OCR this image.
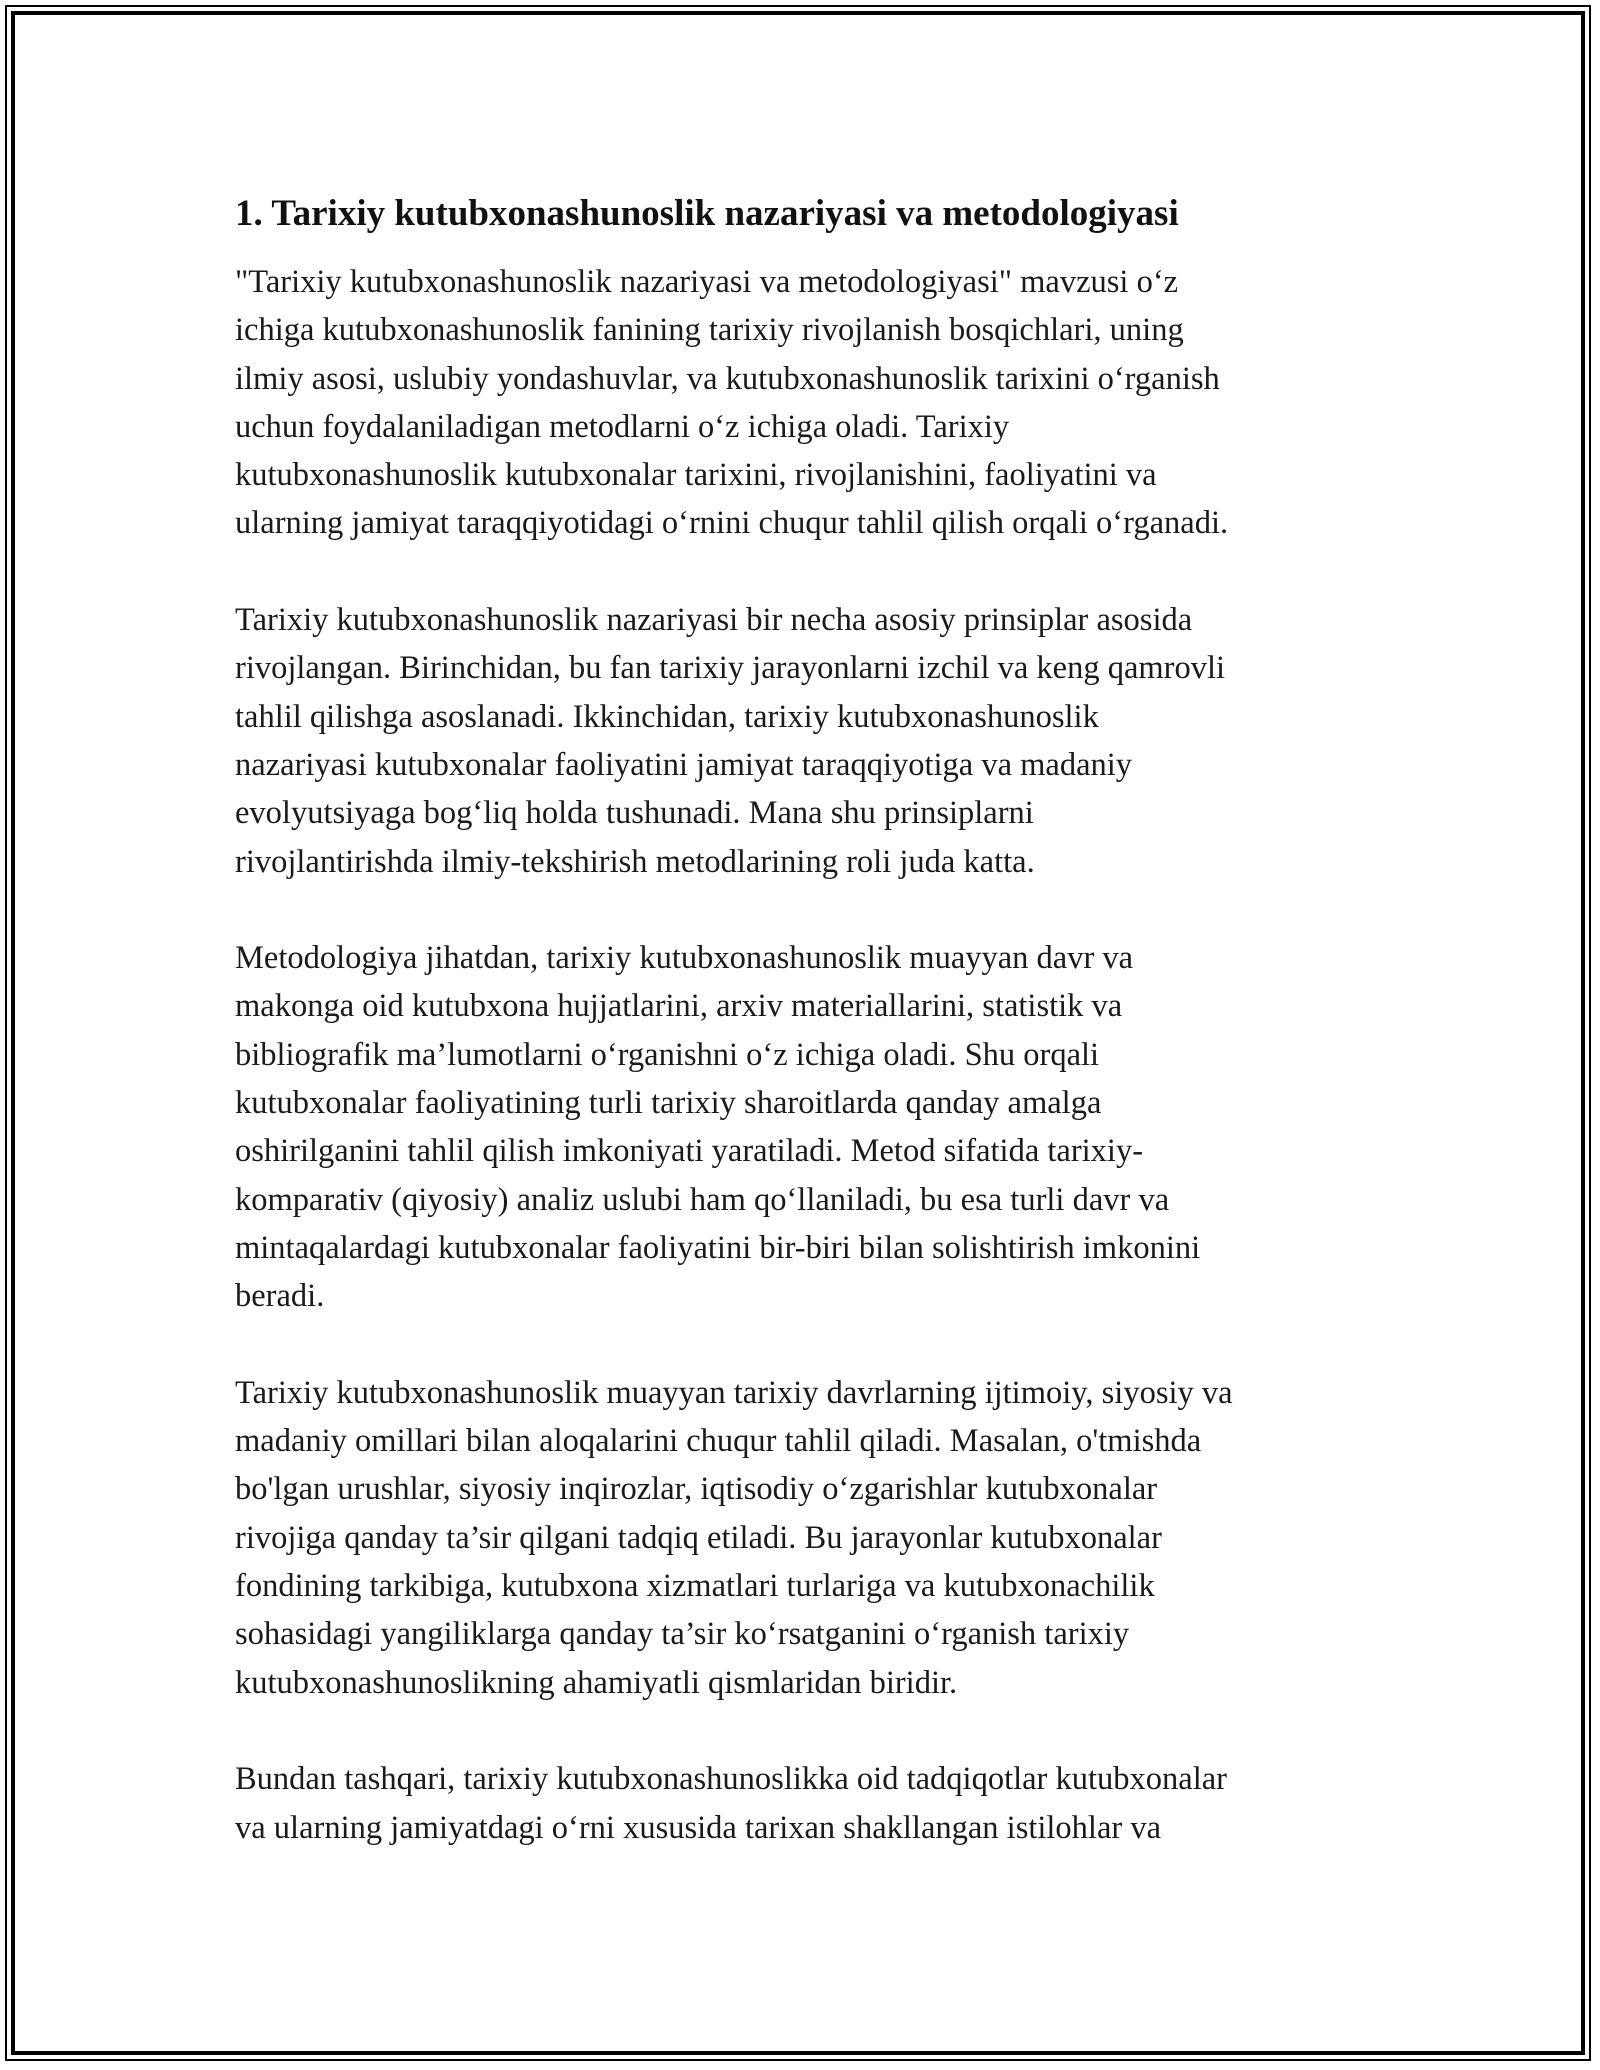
1. Tarixiy kutubxonashunoslik nazariyasi va metodologiyasi

"Tarixiy kutubxonashunoslik nazariyasi va metodologiyasi" mavzusi o‘z
ichiga kutubxonashunoslik fanining tarixiy rivojlanish bosqichlari, uning
ilmiy asosi, uslubiy yondashuvlar, va kutubxonashunoslik tarixini o‘rganish
uchun foydalaniladigan metodlarni o‘z ichiga oladi. Tarixiy
kutubxonashunoslik kutubxonalar tarixini, rivojlanishini, faoliyatini va
ularning jamiyat taraqqiyotidagi o‘rnini chuqur tahlil qilish orqali o‘rganadi.

Tarixiy kutubxonashunoslik nazariyasi bir necha asosiy prinsiplar asosida
rivojlangan. Birinchidan, bu fan tarixiy jarayonlarni izchil va keng qamrovli
tahlil qilishga asoslanadi. Ikkinchidan, tarixiy kutubxonashunoslik
nazariyasi kutubxonalar faoliyatini jamiyat taraqqiyotiga va madaniy
evolyutsiyaga bog‘liq holda tushunadi. Mana shu prinsiplarni
rivojlantirishda ilmiy-tekshirish metodlarining roli juda katta.

Metodologiya jihatdan, tarixiy kutubxonashunoslik muayyan davr va
makonga oid kutubxona hujjatlarini, arxiv materiallarini, statistik va
bibliografik ma’lumotlarni o‘rganishni o‘z ichiga oladi. Shu orqali
kutubxonalar faoliyatining turli tarixiy sharoitlarda qanday amalga
oshirilganini tahlil qilish imkoniyati yaratiladi. Metod sifatida tarixiy-
komparativ (qiyosiy) analiz uslubi ham qo‘llaniladi, bu esa turli davr va
mintaqalardagi kutubxonalar faoliyatini bir-biri bilan solishtirish imkonini
beradi.

Tarixiy kutubxonashunoslik muayyan tarixiy davrlarning ijtimoiy, siyosiy va
madaniy omillari bilan aloqalarini chuqur tahlil qiladi. Masalan, o'tmishda
bo'lgan urushlar, siyosiy inqirozlar, iqtisodiy o‘zgarishlar kutubxonalar
rivojiga qanday ta’sir qilgani tadqiq etiladi. Bu jarayonlar kutubxonalar
fondining tarkibiga, kutubxona xizmatlari turlariga va kutubxonachilik
sohasidagi yangiliklarga qanday ta’sir ko‘rsatganini o‘rganish tarixiy
kutubxonashunoslikning ahamiyatli qismlaridan biridir.

Bundan tashqari, tarixiy kutubxonashunoslikka oid tadqiqotlar kutubxonalar
va ularning jamiyatdagi o‘rni xususida tarixan shakllangan istilohlar va
